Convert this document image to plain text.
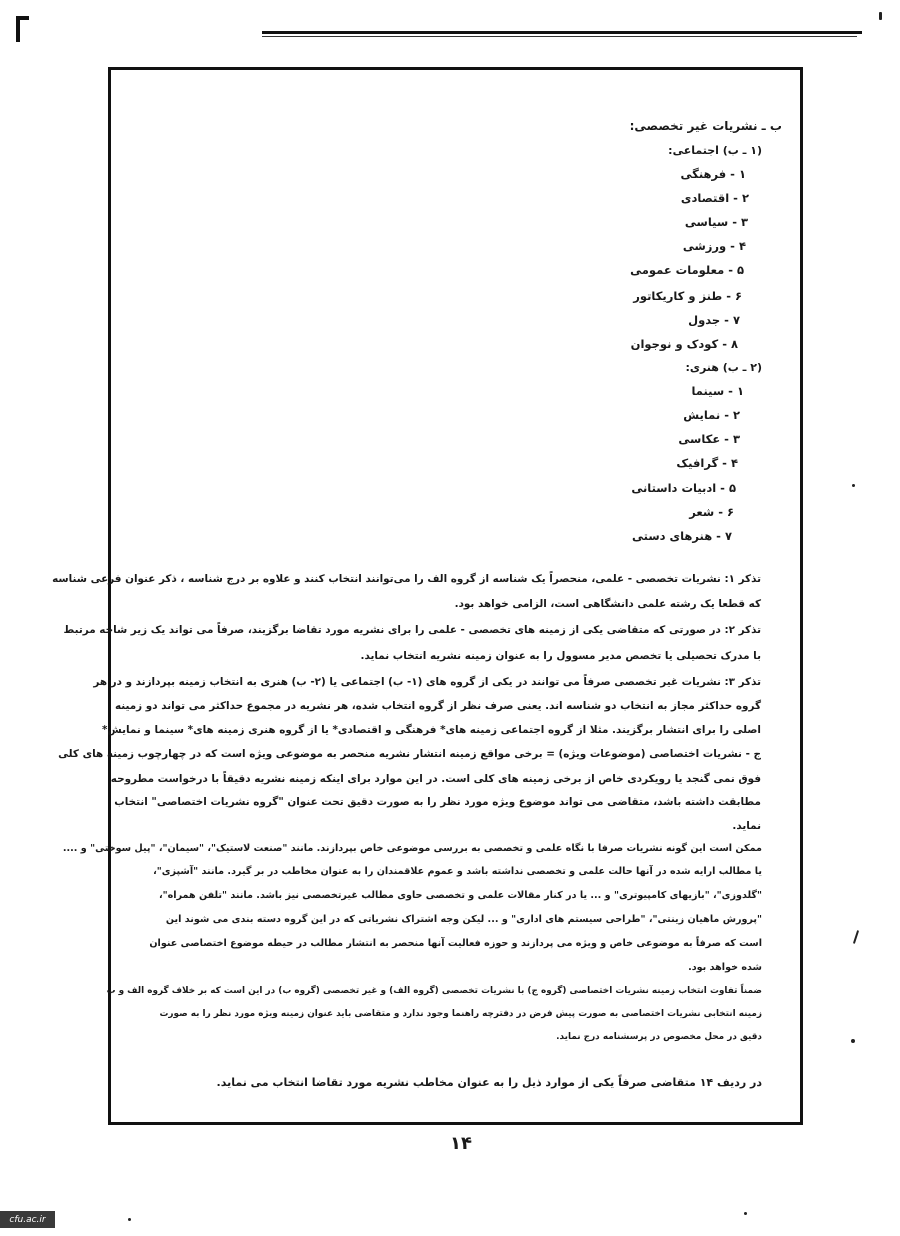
ب ـ نشریات غیر تخصصی:
(۱ ـ ب) اجتماعی:
۱ - فرهنگی
۲ - اقتصادی
۳ - سیاسی
۴ - ورزشی
۵ - معلومات عمومی
۶ - طنز و کاریکاتور
۷ - جدول
۸ - کودک و نوجوان
(۲ ـ ب) هنری:
۱ - سینما
۲ - نمایش
۳ - عکاسی
۴ - گرافیک
۵ - ادبیات داستانی
۶ - شعر
۷ - هنرهای دستی
تذکر ۱: نشریات تخصصی - علمی، منحصراً یک شناسه از گروه الف را می‌توانند انتخاب کنند و علاوه بر درج شناسه ، ذکر عنوان فرعی شناسه
که قطعا یک رشته علمی دانشگاهی است، الزامی خواهد بود.
تذکر ۲: در صورتی که متقاضی یکی از زمینه های تخصصی - علمی را برای نشریه مورد تقاضا برگزیند، صرفاً می تواند یک زیر شاخه مرتبط
با مدرک تحصیلی یا تخصص مدیر مسوول را به عنوان زمینه نشریه انتخاب نماید.
تذکر ۳: نشریات غیر تخصصی صرفاً می توانند در یکی از گروه های (۱- ب) اجتماعی یا (۲- ب) هنری به انتخاب زمینه بپردازند و در هر
گروه حداکثر مجاز به انتخاب دو شناسه اند. یعنی صرف نظر از گروه انتخاب شده، هر نشریه در مجموع حداکثر می تواند دو زمینه
اصلی را برای انتشار برگزیند. مثلا از گروه اجتماعی زمینه های* فرهنگی و اقتصادی* یا از گروه هنری زمینه های* سینما و نمایش*
ج - نشریات اختصاصی (موضوعات ویژه) = برخی مواقع زمینه انتشار نشریه منحصر به موضوعی ویژه است که در چهارچوب زمینه های کلی
فوق نمی گنجد یا رویکردی خاص از برخی زمینه های کلی است. در این موارد برای اینکه زمینه نشریه دقیقاً با درخواست مطروحه
مطابقت داشته باشد، متقاضی می تواند موضوع ویژه مورد نظر را به صورت دقیق تحت عنوان "گروه نشریات اختصاصی" انتخاب
نماید.
ممکن است این گونه نشریات صرفا با نگاه علمی و تخصصی به بررسی موضوعی خاص بپردازند. مانند "صنعت لاستیک"، "سیمان"، "پیل سوختی" و ....
یا مطالب ارایه شده در آنها حالت علمی و تخصصی نداشته باشد و عموم علاقمندان را به عنوان مخاطب در بر گیرد. مانند "آشپزی"،
"گلدوزی"، "بازیهای کامپیوتری" و ... یا در کنار مقالات علمی و تخصصی حاوی مطالب غیرتخصصی نیز باشد. مانند "تلفن همراه"،
"پرورش ماهیان زینتی"، "طراحی سیستم های اداری" و ... لیکن وجه اشتراک نشریاتی که در این گروه دسته بندی می شوند این
است که صرفاً به موضوعی خاص و ویژه می پردازند و حوزه فعالیت آنها منحصر به انتشار مطالب در حیطه موضوع اختصاصی عنوان
شده خواهد بود.
ضمناً تفاوت انتخاب زمینه نشریات اختصاصی (گروه ج) با نشریات تخصصی (گروه الف) و غیر تخصصی (گروه ب) در این است که بر خلاف گروه الف و ب
زمینه انتخابی نشریات اختصاصی به صورت پیش فرض در دفترچه راهنما وجود ندارد و متقاضی باید عنوان زمینه ویژه مورد نظر را به صورت
دقیق در محل مخصوص در پرسشنامه درج نماید.
در ردیف ۱۴ متقاضی صرفاً یکی از موارد ذیل را به عنوان مخاطب نشریه مورد تقاضا انتخاب می نماید.
۱۴
cfu.ac.ir
